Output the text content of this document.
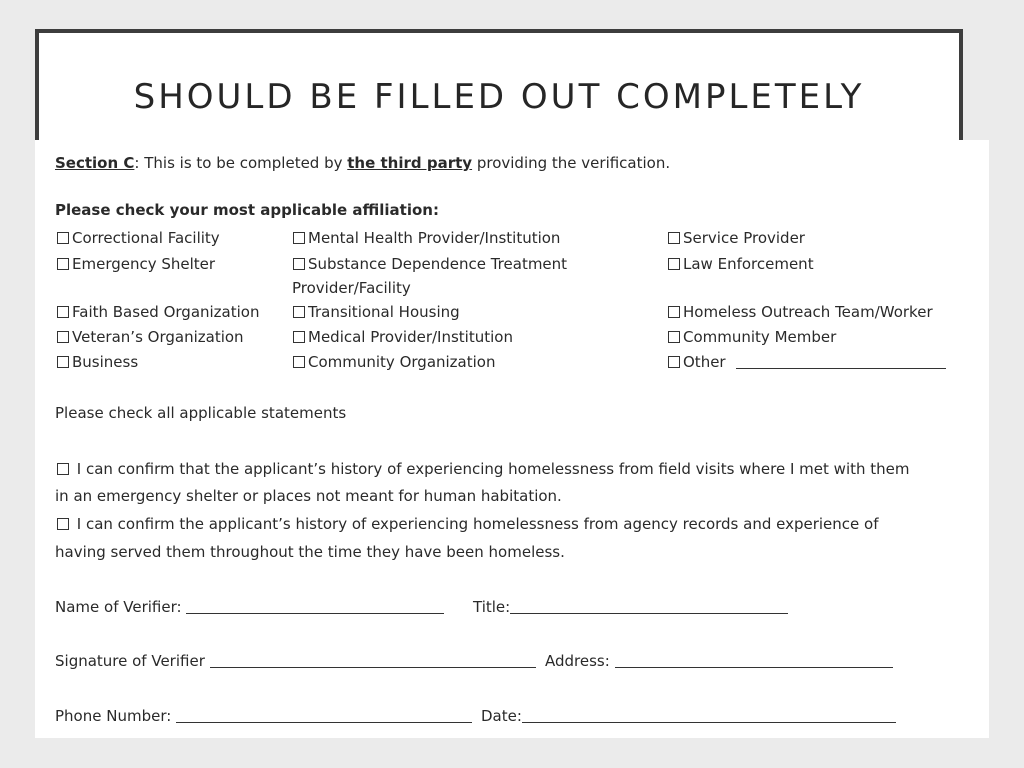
SHOULD BE FILLED OUT COMPLETELY
Section C: This is to be completed by the third party providing the verification.
Please check your most applicable affiliation:
Correctional Facility
Emergency Shelter
Faith Based Organization
Veteran’s Organization
Business
Mental Health Provider/Institution
Substance Dependence Treatment
Provider/Facility
Transitional Housing
Medical Provider/Institution
Community Organization
Service Provider
Law Enforcement
Homeless Outreach Team/Worker
Community Member
Other
Please check all applicable statements
I can confirm that the applicant’s history of experiencing homelessness from field visits where I met with them
in an emergency shelter or places not meant for human habitation.
I can confirm the applicant’s history of experiencing homelessness from agency records and experience of
having served them throughout the time they have been homeless.
Name of Verifier:	Title:
Signature of Verifier	Address:
Phone Number:	Date:
